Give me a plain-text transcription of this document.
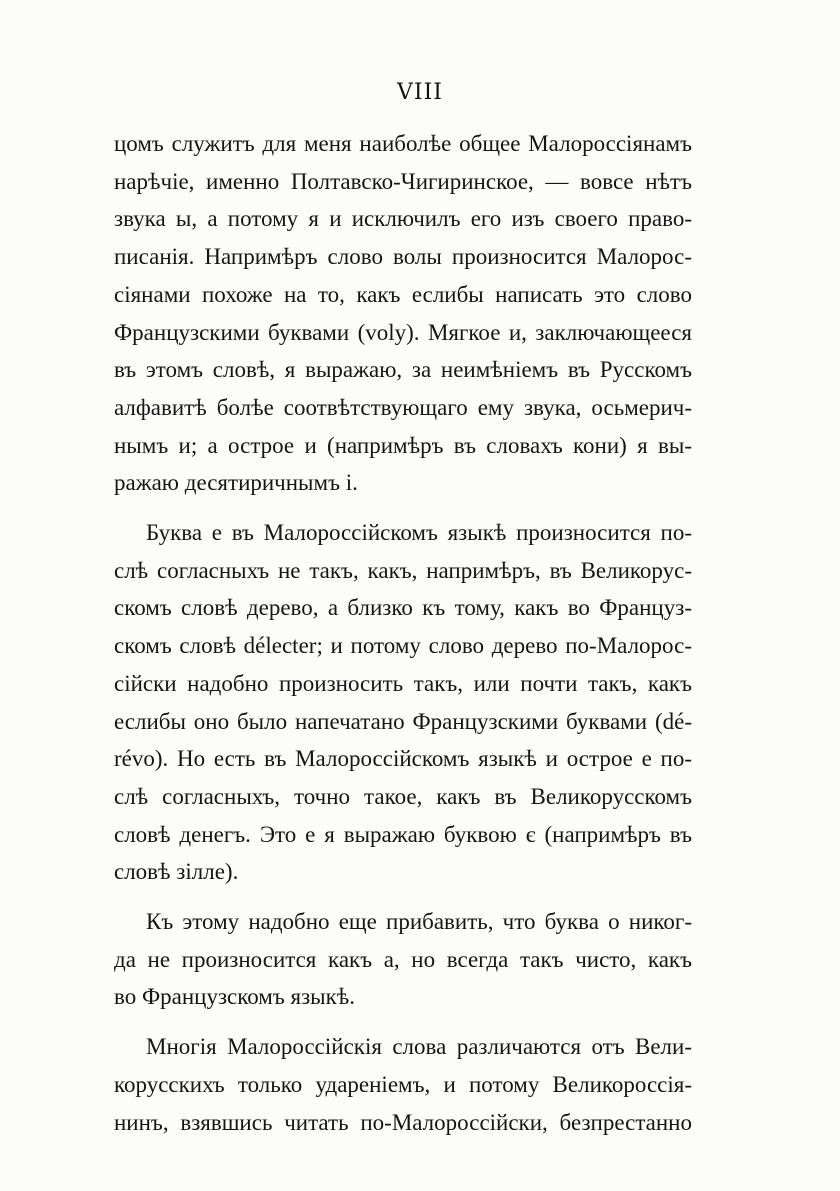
VIII
цомъ служитъ для меня наиболѣе общее Малороссіянамъ
нарѣчіе, именно Полтавско-Чигиринское, — вовсе нѣтъ
звука ы, а потому я и исключилъ его изъ своего право-
писанія. Напримѣръ слово волы произносится Малорос-
сіянами похоже на то, какъ еслибы написать это слово
Французскими буквами (voly). Мягкое и, заключающееся
въ этомъ словѣ, я выражаю, за неимѣніемъ въ Русскомъ
алфавитѣ болѣе соотвѣтствующаго ему звука, осьмерич-
нымъ и; а острое и (напримѣръ въ словахъ кони) я вы-
ражаю десятиричнымъ і.
Буква е въ Малороссійскомъ языкѣ произносится по-
слѣ согласныхъ не такъ, какъ, напримѣръ, въ Великорус-
скомъ словѣ дерево, а близко къ тому, какъ во Француз-
скомъ словѣ délecter; и потому слово дерево по-Малорос-
сійски надобно произносить такъ, или почти такъ, какъ
еслибы оно было напечатано Французскими буквами (dé-
révo). Но есть въ Малороссійскомъ языкѣ и острое е по-
слѣ согласныхъ, точно такое, какъ въ Великорусскомъ
словѣ денегъ. Это е я выражаю буквою є (напримѣръ въ
словѣ зілле).
Къ этому надобно еще прибавить, что буква о никог-
да не произносится какъ а, но всегда такъ чисто, какъ
во Французскомъ языкѣ.
Многія Малороссійскія слова различаются отъ Вели-
корусскихъ только удареніемъ, и потому Великороссія-
нинъ, взявшись читать по-Малороссійски, безпрестанно
